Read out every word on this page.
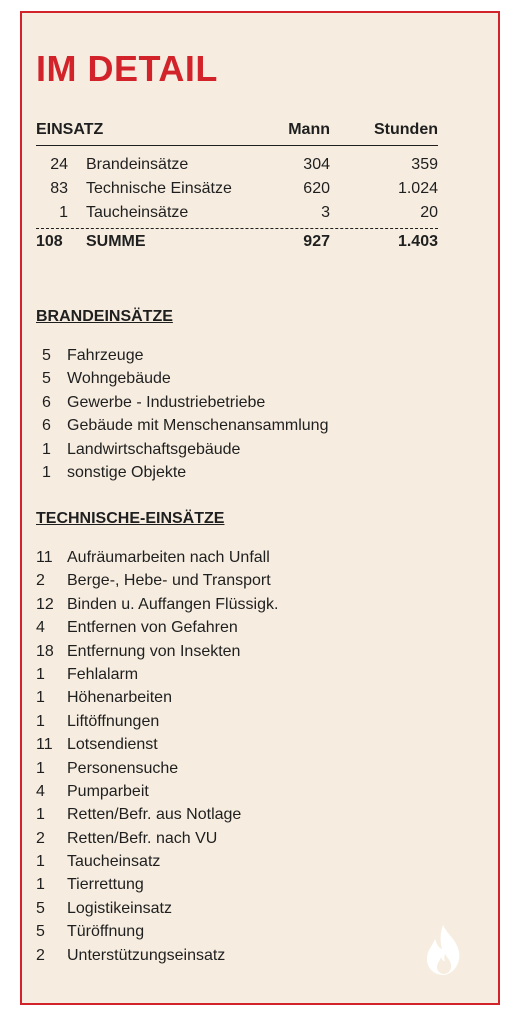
IM DETAIL
EINSATZ	Mann	Stunden
24	Brandeinsätze	304	359
83	Technische Einsätze	620	1.024
1	Taucheinsätze	3	20
108	SUMME	927	1.403
BRANDEINSÄTZE
5	Fahrzeuge
5	Wohngebäude
6	Gewerbe - Industriebetriebe
6	Gebäude mit Menschenansammlung
1	Landwirtschaftsgebäude
1	sonstige Objekte
TECHNISCHE-EINSÄTZE
11 Aufräumarbeiten nach Unfall
2	Berge-, Hebe- und Transport
12 Binden u. Auffangen Flüssigk.
4	Entfernen von Gefahren
18 Entfernung von Insekten
1	Fehlalarm
1	Höhenarbeiten
1	Liftöffnungen
11 Lotsendienst
1	Personensuche
4	Pumparbeit
1	Retten/Befr. aus Notlage
2	Retten/Befr. nach VU
1	Taucheinsatz
1	Tierrettung
5	Logistikeinsatz
5	Türöffnung
2	Unterstützungseinsatz
